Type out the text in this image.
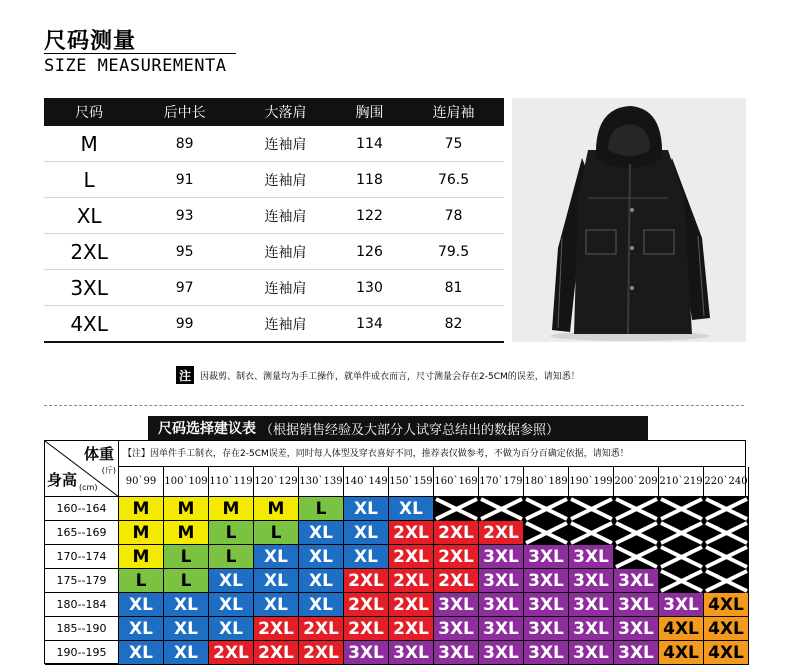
尺码测量
SIZE MEASUREMENTA
尺码	后中长	大落肩	胸围	连肩袖
M	89	连袖肩	114	75
L	91	连袖肩	118	76.5
XL	93	连袖肩	122	78
2XL	95	连袖肩	126	79.5
3XL	97	连袖肩	130	81
4XL	99	连袖肩	134	82
注	因裁剪、制衣、测量均为手工操作，就单件成衣而言，尺寸测量会存在2-5CM的误差，请知悉！
尺码选择建议表 （根据销售经验及大部分人试穿总结出的数据参照）
体重
(斤)
身高 (cm)
【注】因单件手工制衣，存在2-5CM误差，同时每人体型及穿衣喜好不同，推荐表仅做参考，不做为百分百确定依据，请知悉！
90`99 100`109 110`119 120`129 130`139 140`149 150`159 160`169 170`179 180`189 190`199 200`209 210`219 220`240
160--164	M	M	M	M	L	XL	XL
165--169	M	M	L	L	XL	XL 2XL 2XL 2XL
170--174	M	L	L	XL	XL	XL 2XL 2XL 3XL 3XL 3XL
175--179	L	L	XL	XL	XL 2XL 2XL 2XL 3XL 3XL 3XL 3XL
180--184	XL	XL	XL	XL	XL 2XL 2XL 3XL 3XL 3XL 3XL 3XL 3XL 4XL
185--190	XL	XL	XL 2XL 2XL 2XL 2XL 3XL 3XL 3XL 3XL 3XL 4XL 4XL
190--195	XL	XL 2XL 2XL 2XL 3XL 3XL 3XL 3XL 3XL 3XL 3XL 4XL 4XL
